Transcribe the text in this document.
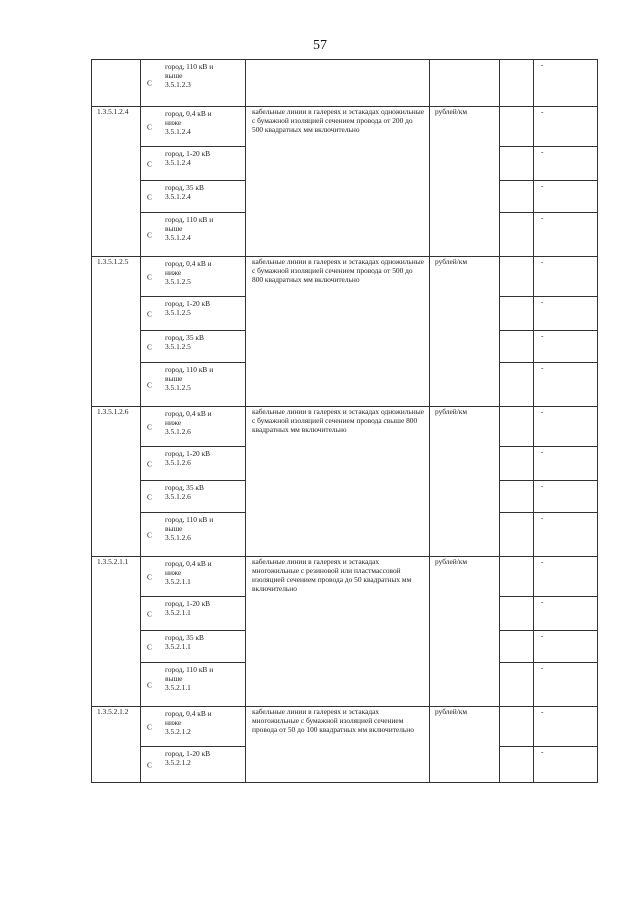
57

	С
город, 110 кВ и
выше
3.5.1.2.3				-
1.3.5.1.2.4	С
город, 0,4 кВ и
ниже
3.5.1.2.4	кабельные линии в галереях и эстакадах одножильные с бумажной изоляцией сечением провода от 200 до 500 квадратных мм включительно	рублей/км		-

	С
город, 1-20 кВ
3.5.1.2.4				-

	С
город, 35 кВ
3.5.1.2.4				-

	С
город, 110 кВ и
выше
3.5.1.2.4				-
1.3.5.1.2.5	С
город, 0,4 кВ и
ниже
3.5.1.2.5	кабельные линии в галереях и эстакадах одножильные с бумажной изоляцией сечением провода от 500 до 800 квадратных мм включительно	рублей/км		-

	С
город, 1-20 кВ
3.5.1.2.5				-

	С
город, 35 кВ
3.5.1.2.5				-

	С
город, 110 кВ и
выше
3.5.1.2.5				-
1.3.5.1.2.6	С
город, 0,4 кВ и
ниже
3.5.1.2.6	кабельные линии в галереях и эстакадах одножильные с бумажной изоляцией сечением провода свыше 800 квадратных мм включительно	рублей/км		-

	С
город, 1-20 кВ
3.5.1.2.6				-

	С
город, 35 кВ
3.5.1.2.6				-

	С
город, 110 кВ и
выше
3.5.1.2.6				-
1.3.5.2.1.1	С
город, 0,4 кВ и
ниже
3.5.2.1.1	кабельные линии в галереях и эстакадах многожильные с резиновой или пластмассовой изоляцией сечением провода до 50 квадратных мм включительно	рублей/км		-

	С
город, 1-20 кВ
3.5.2.1.1				-

	С
город, 35 кВ
3.5.2.1.1				-

	С
город, 110 кВ и
выше
3.5.2.1.1				-
1.3.5.2.1.2	С
город, 0,4 кВ и
ниже
3.5.2.1.2	кабельные линии в галереях и эстакадах многожильные с бумажной изоляцией сечением провода от 50 до 100 квадратных мм включительно	рублей/км		-

	С
город, 1-20 кВ
3.5.2.1.2				-
